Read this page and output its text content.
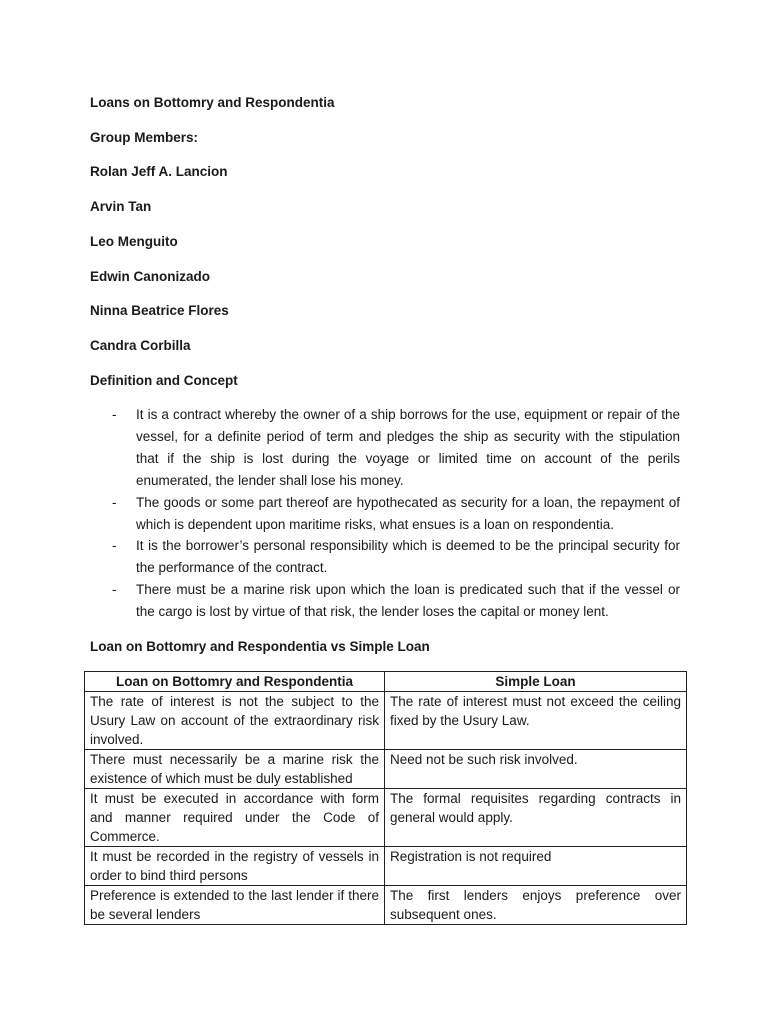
Loans on Bottomry and Respondentia

Group Members:

Rolan Jeff A. Lancion

Arvin Tan

Leo Menguito

Edwin Canonizado

Ninna Beatrice Flores

Candra Corbilla

Definition and Concept

- It is a contract whereby the owner of a ship borrows for the use, equipment or repair of the vessel, for a definite period of term and pledges the ship as security with the stipulation that if the ship is lost during the voyage or limited time on account of the perils enumerated, the lender shall lose his money.
- The goods or some part thereof are hypothecated as security for a loan, the repayment of which is dependent upon maritime risks, what ensues is a loan on respondentia.
- It is the borrower’s personal responsibility which is deemed to be the principal security for the performance of the contract.
- There must be a marine risk upon which the loan is predicated such that if the vessel or the cargo is lost by virtue of that risk, the lender loses the capital or money lent.

Loan on Bottomry and Respondentia vs Simple Loan

Loan on Bottomry and Respondentia	Simple Loan
The rate of interest is not the subject to the Usury Law on account of the extraordinary risk involved.	The rate of interest must not exceed the ceiling fixed by the Usury Law.
There must necessarily be a marine risk the existence of which must be duly established	Need not be such risk involved.
It must be executed in accordance with form and manner required under the Code of Commerce.	The formal requisites regarding contracts in general would apply.
It must be recorded in the registry of vessels in order to bind third persons	Registration is not required
Preference is extended to the last lender if there be several lenders	The first lenders enjoys preference over subsequent ones.
